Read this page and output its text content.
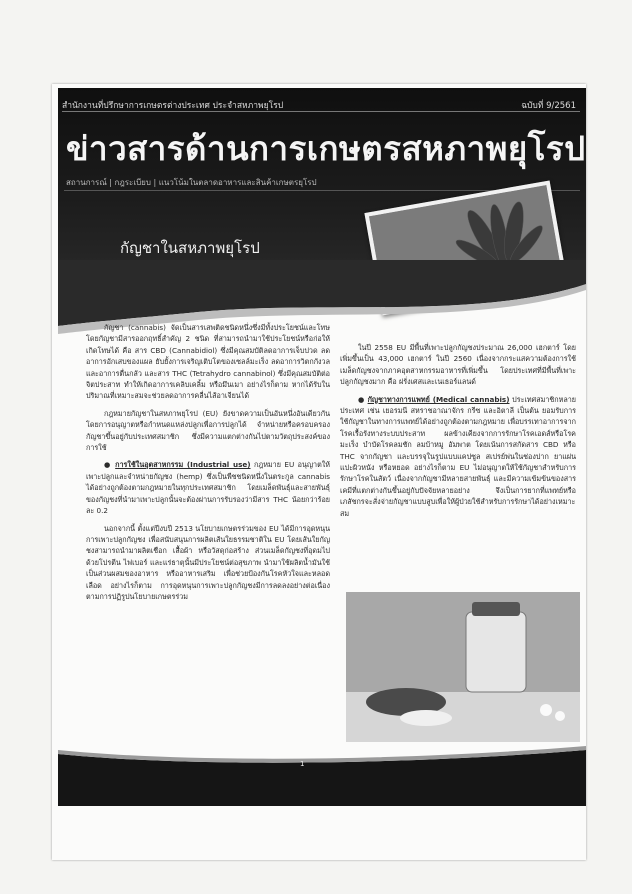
สำนักงานที่ปรึกษาการเกษตรต่างประเทศ ประจำสหภาพยุโรป	ฉบับที่ 9/2561
ข่าวสารด้านการเกษตรสหภาพยุโรป
สถานการณ์ | กฎระเบียบ | แนวโน้มในตลาดอาหารและสินค้าเกษตรยุโรป
กัญชาในสหภาพยุโรป

กัญชา (cannabis) จัดเป็นสารเสพติดชนิดหนึ่งซึ่งมีทั้งประโยชน์และโทษ โดยกัญชามีสารออกฤทธิ์สำคัญ 2 ชนิด ที่สามารถนำมาใช้ประโยชน์หรือก่อให้เกิดโทษได้ คือ สาร CBD (Cannabidiol) ซึ่งมีคุณสมบัติลดอาการเจ็บปวด ลดอาการอักเสบของแผล ยับยั้งการเจริญเติบโตของเซลล์มะเร็ง ลดอาการวิตกกังวล และอาการตื่นกลัว และสาร THC (Tetrahydro cannabinol) ซึ่งมีคุณสมบัติต่อจิตประสาท ทำให้เกิดอาการเคลิบเคลิ้ม หรือมึนเมา อย่างไรก็ตาม หากได้รับในปริมาณที่เหมาะสมจะช่วยลดอาการคลื่นไส้อาเจียนได้

กฎหมายกัญชาในสหภาพยุโรป (EU) ยังขาดความเป็นอันหนึ่งอันเดียวกัน โดยการอนุญาตหรือกำหนดแหล่งปลูกเพื่อการปลูกได้ จำหน่ายหรือครอบครองกัญชาขึ้นอยู่กับประเทศสมาชิก ซึ่งมีความแตกต่างกันไปตามวัตถุประสงค์ของการใช้

● การใช้ในอุตสาหกรรม (Industrial use) กฎหมาย EU อนุญาตให้เพาะปลูกและจำหน่ายกัญชง (hemp) ซึ่งเป็นพืชชนิดหนึ่งในตระกูล cannabis ได้อย่างถูกต้องตามกฎหมายในทุกประเทศสมาชิก โดยเมล็ดพันธุ์และสายพันธุ์ของกัญชงที่นำมาเพาะปลูกนั้นจะต้องผ่านการรับรองว่ามีสาร THC น้อยกว่าร้อยละ 0.2

นอกจากนี้ ตั้งแต่ปีงบปี 2513 นโยบายเกษตรร่วมของ EU ได้มีการอุดหนุนการเพาะปลูกกัญชง เพื่อสนับสนุนการผลิตเส้นใยธรรมชาติใน EU โดยเส้นใยกัญชงสามารถนำมาผลิตเชือก เสื้อผ้า หรือวัสดุก่อสร้าง ส่วนเมล็ดกัญชงที่อุดมไปด้วยโปรตีน ไฟเบอร์ และแร่ธาตุนั้นมีประโยชน์ต่อสุขภาพ นำมาใช้ผลิตน้ำมันใช้เป็นส่วนผสมของอาหาร หรืออาหารเสริม เพื่อช่วยป้องกันโรคหัวใจและหลอดเลือด อย่างไรก็ตาม การอุดหนุนการเพาะปลูกกัญชงมีการลดลงอย่างต่อเนื่องตามการปฏิรูปนโยบายเกษตรร่วม

ในปี 2558 EU มีพื้นที่เพาะปลูกกัญชงประมาณ 26,000 เฮกตาร์ โดยเพิ่มขึ้นเป็น 43,000 เฮกตาร์ ในปี 2560 เนื่องจากกระแสความต้องการใช้เมล็ดกัญชงจากภาคอุตสาหกรรมอาหารที่เพิ่มขึ้น โดยประเทศที่มีพื้นที่เพาะปลูกกัญชงมาก คือ ฝรั่งเศสและเนเธอร์แลนด์

● กัญชาทางการแพทย์ (Medical cannabis) ประเทศสมาชิกหลายประเทศ เช่น เยอรมนี สหราชอาณาจักร กรีซ และอิตาลี เป็นต้น ยอมรับการใช้กัญชาในทางการแพทย์ได้อย่างถูกต้องตามกฎหมาย เพื่อบรรเทาอาการจากโรคเรื้อรังทางระบบประสาท ผลข้างเคียงจากการรักษาโรคเอดส์หรือโรคมะเร็ง บำบัดโรคลมชัก ลมบ้าหมู อัมพาต โดยเน้นการสกัดสาร CBD หรือ THC จากกัญชา และบรรจุในรูปแบบแคปซูล สเปรย์พ่นในช่องปาก ยาแผ่นแปะผิวหนัง หรือหยอด อย่างไรก็ตาม EU ไม่อนุญาตให้ใช้กัญชาสำหรับการรักษาโรคในสัตว์ เนื่องจากกัญชามีหลายสายพันธุ์ และมีความเข้มข้นของสารเคมีที่แตกต่างกันขึ้นอยู่กับปัจจัยหลายอย่าง จึงเป็นการยากที่แพทย์หรือเภสัชกรจะสั่งจ่ายกัญชาแบบสูบเพื่อให้ผู้ป่วยใช้สำหรับการรักษาได้อย่างเหมาะสม

1
